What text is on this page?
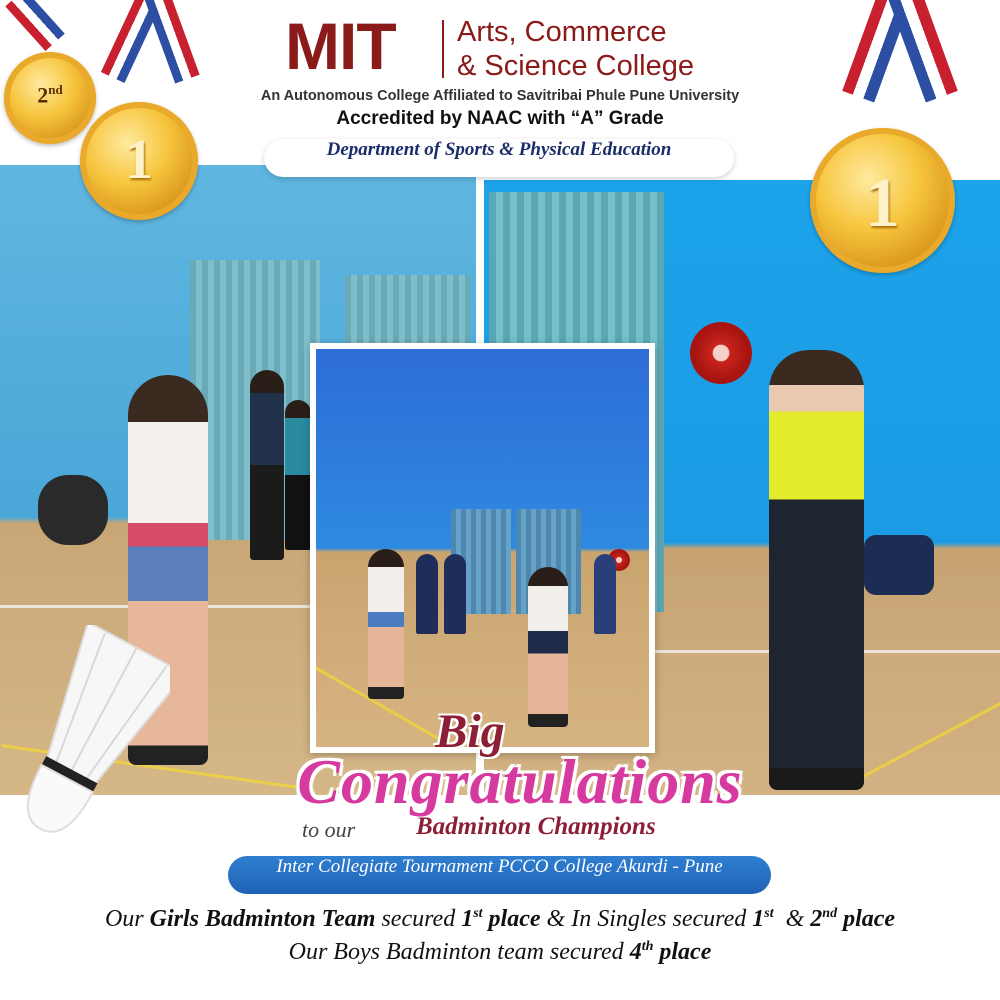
MIT Arts, Commerce
& Science College
An Autonomous College Affiliated to Savitribai Phule Pune University
Accredited by NAAC with “A” Grade
Department of Sports & Physical Education
2nd
1
1
Big
Congratulations
to our Badminton Champions
Inter Collegiate Tournament PCCO College Akurdi - Pune
Our Girls Badminton Team secured 1st place & In Singles secured 1st  & 2nd place
Our Boys Badminton team secured 4th place
